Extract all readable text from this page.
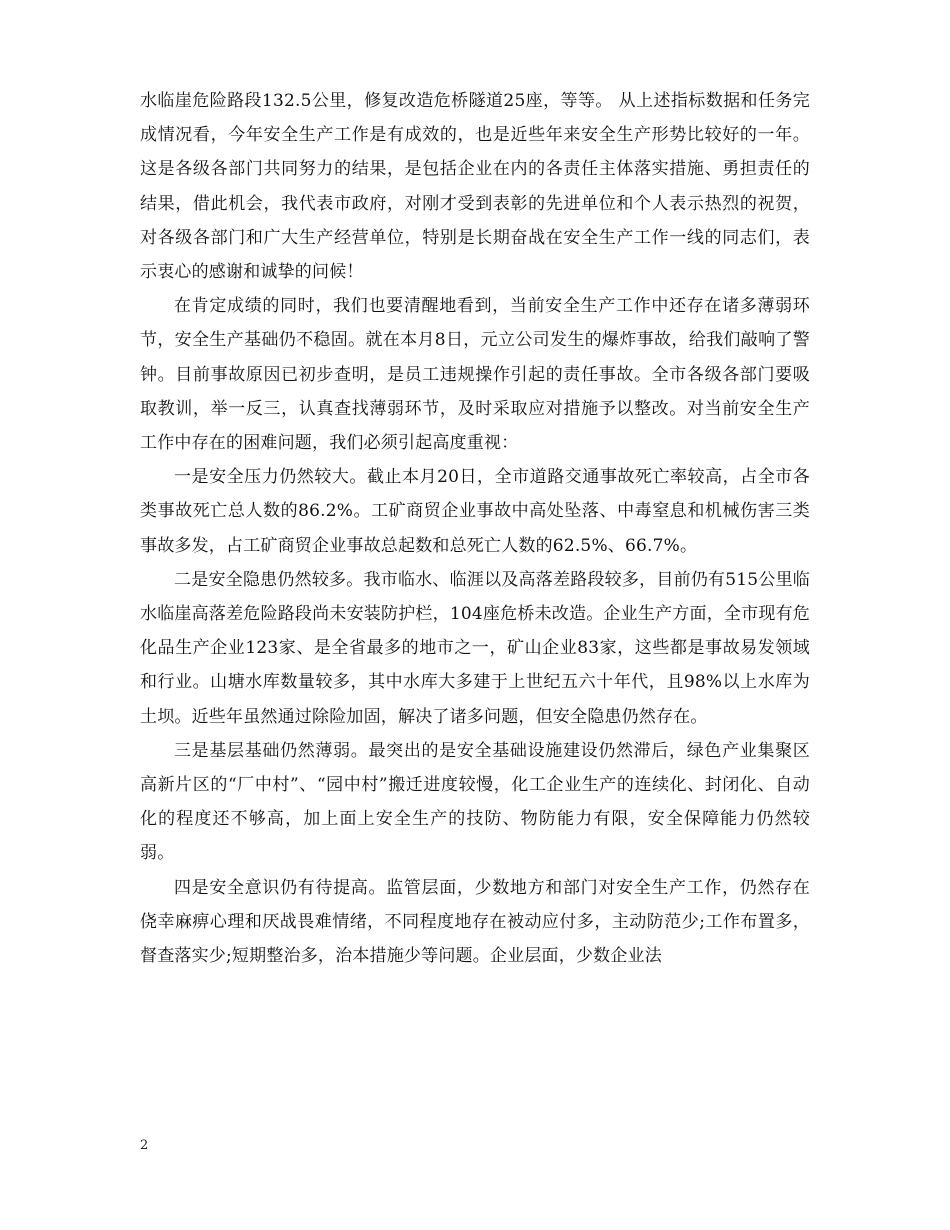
水临崖危险路段132.5公里，修复改造危桥隧道25座，等等。 从上述指标数据和任务完成情况看，今年安全生产工作是有成效的，也是近些年来安全生产形势比较好的一年。这是各级各部门共同努力的结果，是包括企业在内的各责任主体落实措施、勇担责任的结果，借此机会，我代表市政府，对刚才受到表彰的先进单位和个人表示热烈的祝贺，对各级各部门和广大生产经营单位，特别是长期奋战在安全生产工作一线的同志们，表示衷心的感谢和诚挚的问候！

在肯定成绩的同时，我们也要清醒地看到，当前安全生产工作中还存在诸多薄弱环节，安全生产基础仍不稳固。就在本月8日，元立公司发生的爆炸事故，给我们敲响了警钟。目前事故原因已初步查明，是员工违规操作引起的责任事故。全市各级各部门要吸取教训，举一反三，认真查找薄弱环节，及时采取应对措施予以整改。对当前安全生产工作中存在的困难问题，我们必须引起高度重视：

一是安全压力仍然较大。截止本月20日，全市道路交通事故死亡率较高，占全市各类事故死亡总人数的86.2%。工矿商贸企业事故中高处坠落、中毒窒息和机械伤害三类事故多发，占工矿商贸企业事故总起数和总死亡人数的62.5%、66.7%。

二是安全隐患仍然较多。我市临水、临涯以及高落差路段较多，目前仍有515公里临水临崖高落差危险路段尚未安装防护栏，104座危桥未改造。企业生产方面，全市现有危化品生产企业123家、是全省最多的地市之一，矿山企业83家，这些都是事故易发领域和行业。山塘水库数量较多，其中水库大多建于上世纪五六十年代，且98%以上水库为土坝。近些年虽然通过除险加固，解决了诸多问题，但安全隐患仍然存在。

三是基层基础仍然薄弱。最突出的是安全基础设施建设仍然滞后，绿色产业集聚区高新片区的“厂中村”、“园中村”搬迁进度较慢，化工企业生产的连续化、封闭化、自动化的程度还不够高，加上面上安全生产的技防、物防能力有限，安全保障能力仍然较弱。

四是安全意识仍有待提高。监管层面，少数地方和部门对安全生产工作，仍然存在侥幸麻痹心理和厌战畏难情绪，不同程度地存在被动应付多，主动防范少;工作布置多，督查落实少;短期整治多，治本措施少等问题。企业层面，少数企业法

2
